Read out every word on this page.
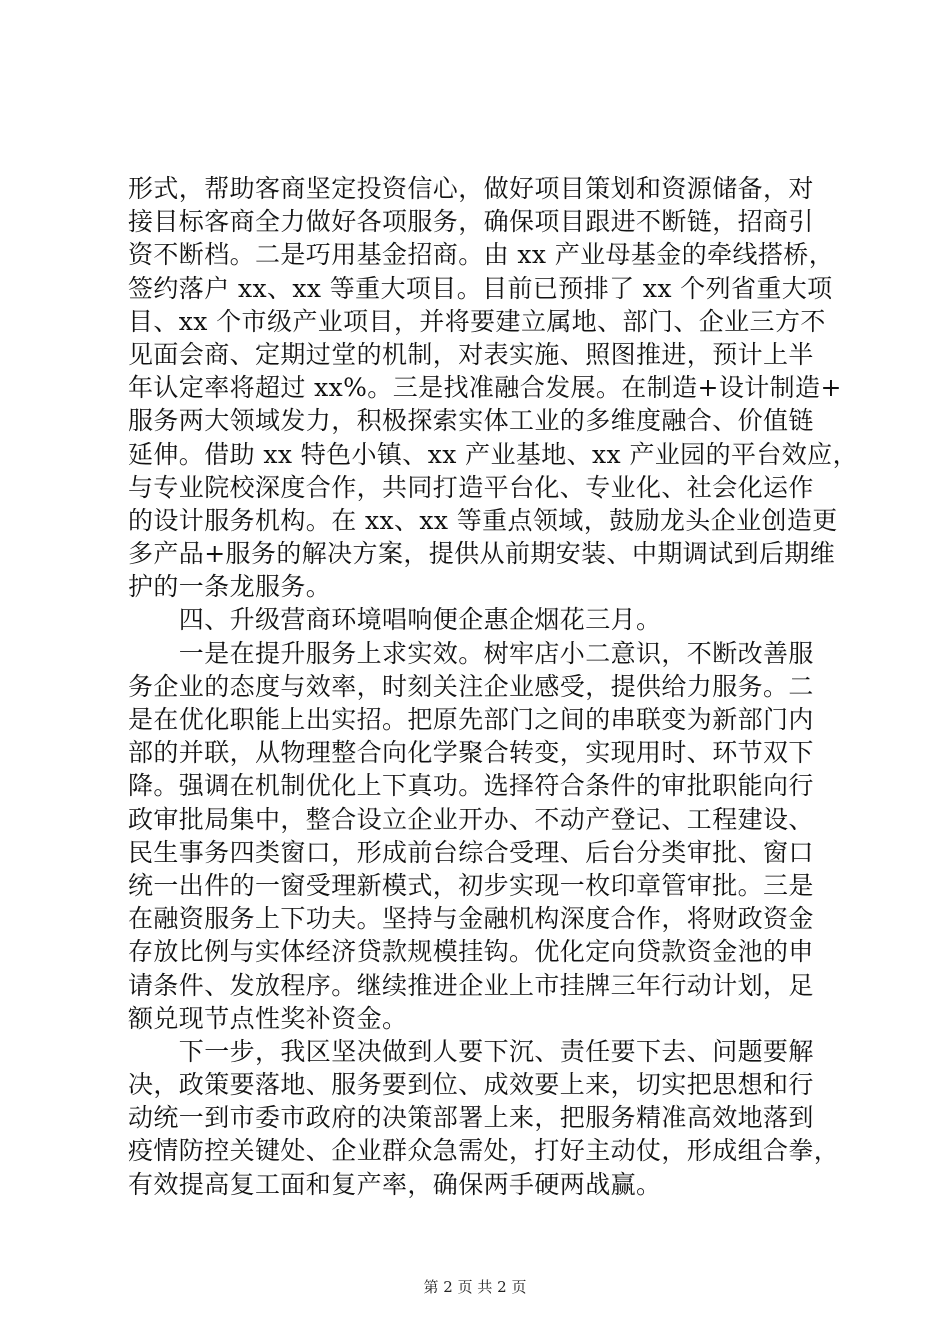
形式，帮助客商坚定投资信心，做好项目策划和资源储备，对
接目标客商全力做好各项服务，确保项目跟进不断链，招商引
资不断档。二是巧用基金招商。由 xx 产业母基金的牵线搭桥，
签约落户 xx、xx 等重大项目。目前已预排了 xx 个列省重大项
目、xx 个市级产业项目，并将要建立属地、部门、企业三方不
见面会商、定期过堂的机制，对表实施、照图推进，预计上半
年认定率将超过 xx%。三是找准融合发展。在制造+设计制造+
服务两大领域发力，积极探索实体工业的多维度融合、价值链
延伸。借助 xx 特色小镇、xx 产业基地、xx 产业园的平台效应，
与专业院校深度合作，共同打造平台化、专业化、社会化运作
的设计服务机构。在 xx、xx 等重点领域，鼓励龙头企业创造更
多产品+服务的解决方案，提供从前期安装、中期调试到后期维
护的一条龙服务。
　　四、升级营商环境唱响便企惠企烟花三月。
　　一是在提升服务上求实效。树牢店小二意识，不断改善服
务企业的态度与效率，时刻关注企业感受，提供给力服务。二
是在优化职能上出实招。把原先部门之间的串联变为新部门内
部的并联，从物理整合向化学聚合转变，实现用时、环节双下
降。强调在机制优化上下真功。选择符合条件的审批职能向行
政审批局集中，整合设立企业开办、不动产登记、工程建设、
民生事务四类窗口，形成前台综合受理、后台分类审批、窗口
统一出件的一窗受理新模式，初步实现一枚印章管审批。三是
在融资服务上下功夫。坚持与金融机构深度合作，将财政资金
存放比例与实体经济贷款规模挂钩。优化定向贷款资金池的申
请条件、发放程序。继续推进企业上市挂牌三年行动计划，足
额兑现节点性奖补资金。
　　下一步，我区坚决做到人要下沉、责任要下去、问题要解
决，政策要落地、服务要到位、成效要上来，切实把思想和行
动统一到市委市政府的决策部署上来，把服务精准高效地落到
疫情防控关键处、企业群众急需处，打好主动仗，形成组合拳，
有效提高复工面和复产率，确保两手硬两战赢。
第 2 页 共 2 页
